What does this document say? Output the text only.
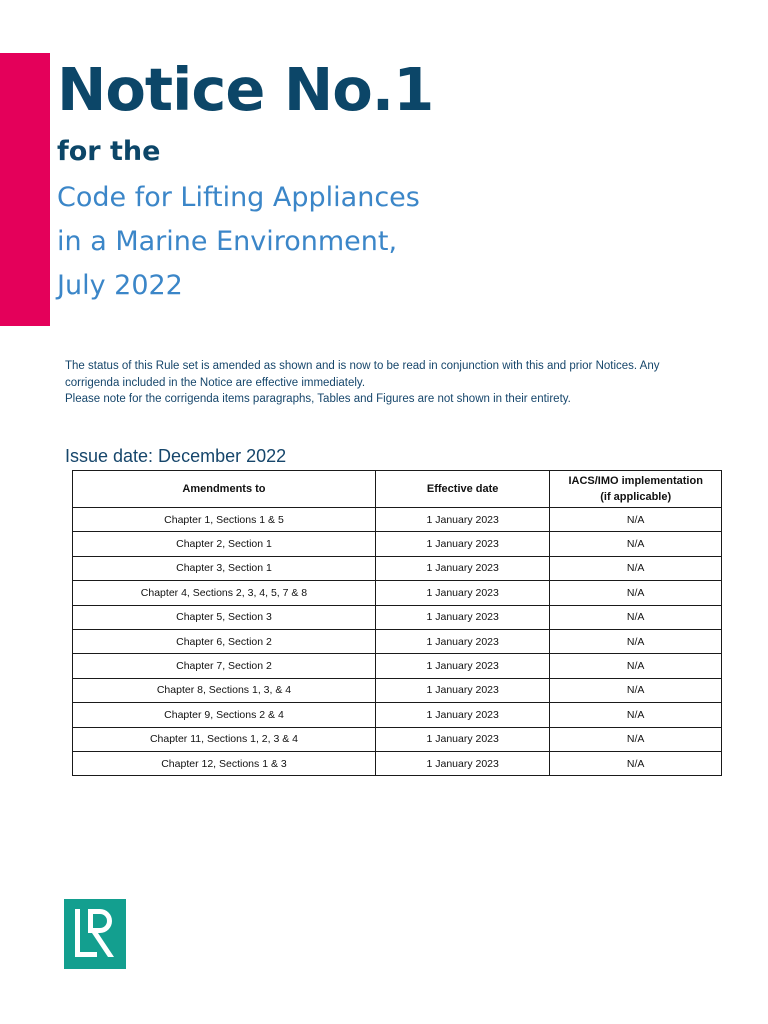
Notice No.1
for the
Code for Lifting Appliances
in a Marine Environment,
July 2022

The status of this Rule set is amended as shown and is now to be read in conjunction with this and prior Notices. Any corrigenda included in the Notice are effective immediately.

Please note for the corrigenda items paragraphs, Tables and Figures are not shown in their entirety.

Issue date: December 2022
Amendments to	Effective date	IACS/IMO implementation
(if applicable)
Chapter 1, Sections 1 & 5	1 January 2023	N/A
Chapter 2, Section 1	1 January 2023	N/A
Chapter 3, Section 1	1 January 2023	N/A
Chapter 4, Sections 2, 3, 4, 5, 7 & 8	1 January 2023	N/A
Chapter 5, Section 3	1 January 2023	N/A
Chapter 6, Section 2	1 January 2023	N/A
Chapter 7, Section 2	1 January 2023	N/A
Chapter 8, Sections 1, 3, & 4	1 January 2023	N/A
Chapter 9, Sections 2 & 4	1 January 2023	N/A
Chapter 11, Sections 1, 2, 3 & 4	1 January 2023	N/A
Chapter 12, Sections 1 & 3	1 January 2023	N/A
